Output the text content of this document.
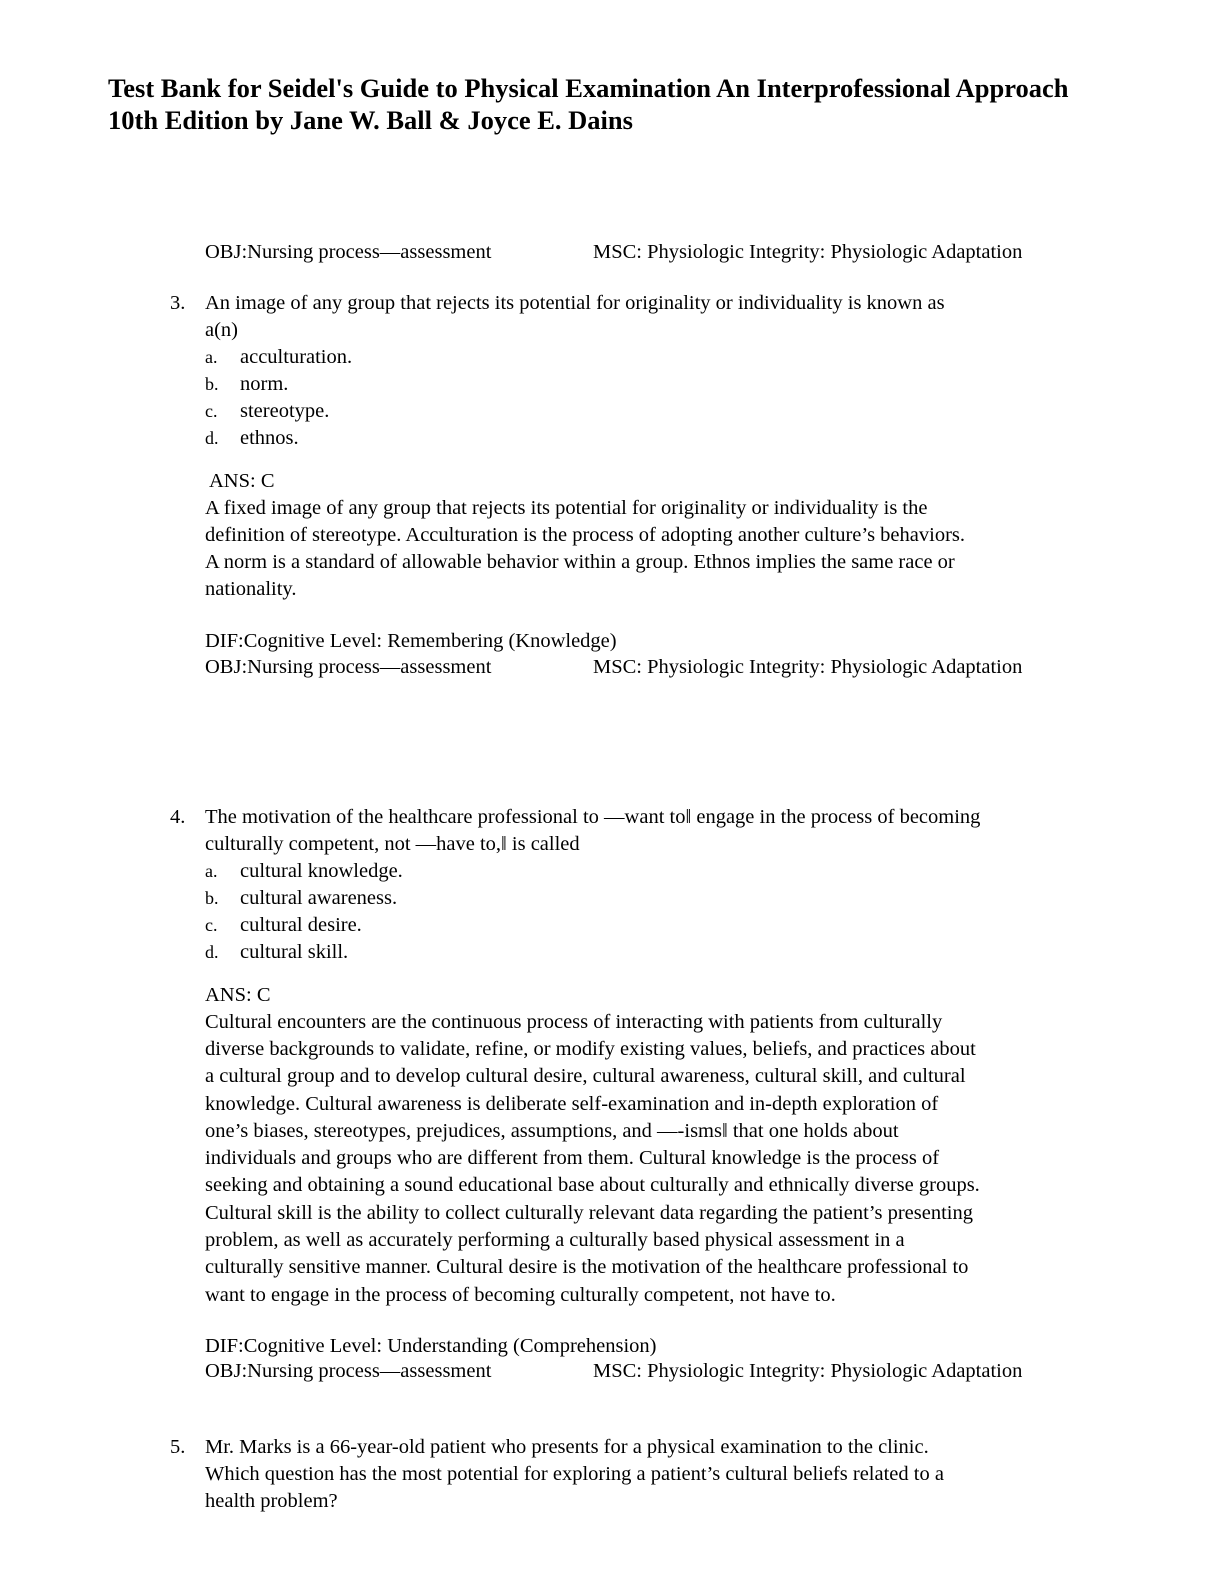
Test Bank for Seidel's Guide to Physical Examination An Interprofessional Approach
10th Edition by Jane W. Ball & Joyce E. Dains
OBJ:Nursing process—assessment	MSC: Physiologic Integrity: Physiologic Adaptation
3. An image of any group that rejects its potential for originality or individuality is known as
a(n)
a. acculturation.
b. norm.
c. stereotype.
d. ethnos.
ANS: C
A fixed image of any group that rejects its potential for originality or individuality is the
definition of stereotype. Acculturation is the process of adopting another culture’s behaviors.
A norm is a standard of allowable behavior within a group. Ethnos implies the same race or
nationality.
DIF:Cognitive Level: Remembering (Knowledge)
OBJ:Nursing process—assessment	MSC: Physiologic Integrity: Physiologic Adaptation
4. The motivation of the healthcare professional to ―want to‖ engage in the process of becoming
culturally competent, not ―have to,‖ is called
a. cultural knowledge.
b. cultural awareness.
c. cultural desire.
d. cultural skill.
ANS: C
Cultural encounters are the continuous process of interacting with patients from culturally
diverse backgrounds to validate, refine, or modify existing values, beliefs, and practices about
a cultural group and to develop cultural desire, cultural awareness, cultural skill, and cultural
knowledge. Cultural awareness is deliberate self-examination and in-depth exploration of
one’s biases, stereotypes, prejudices, assumptions, and ―-isms‖ that one holds about
individuals and groups who are different from them. Cultural knowledge is the process of
seeking and obtaining a sound educational base about culturally and ethnically diverse groups.
Cultural skill is the ability to collect culturally relevant data regarding the patient’s presenting
problem, as well as accurately performing a culturally based physical assessment in a
culturally sensitive manner. Cultural desire is the motivation of the healthcare professional to
want to engage in the process of becoming culturally competent, not have to.
DIF:Cognitive Level: Understanding (Comprehension)
OBJ:Nursing process—assessment	MSC: Physiologic Integrity: Physiologic Adaptation
5. Mr. Marks is a 66-year-old patient who presents for a physical examination to the clinic.
Which question has the most potential for exploring a patient’s cultural beliefs related to a
health problem?
